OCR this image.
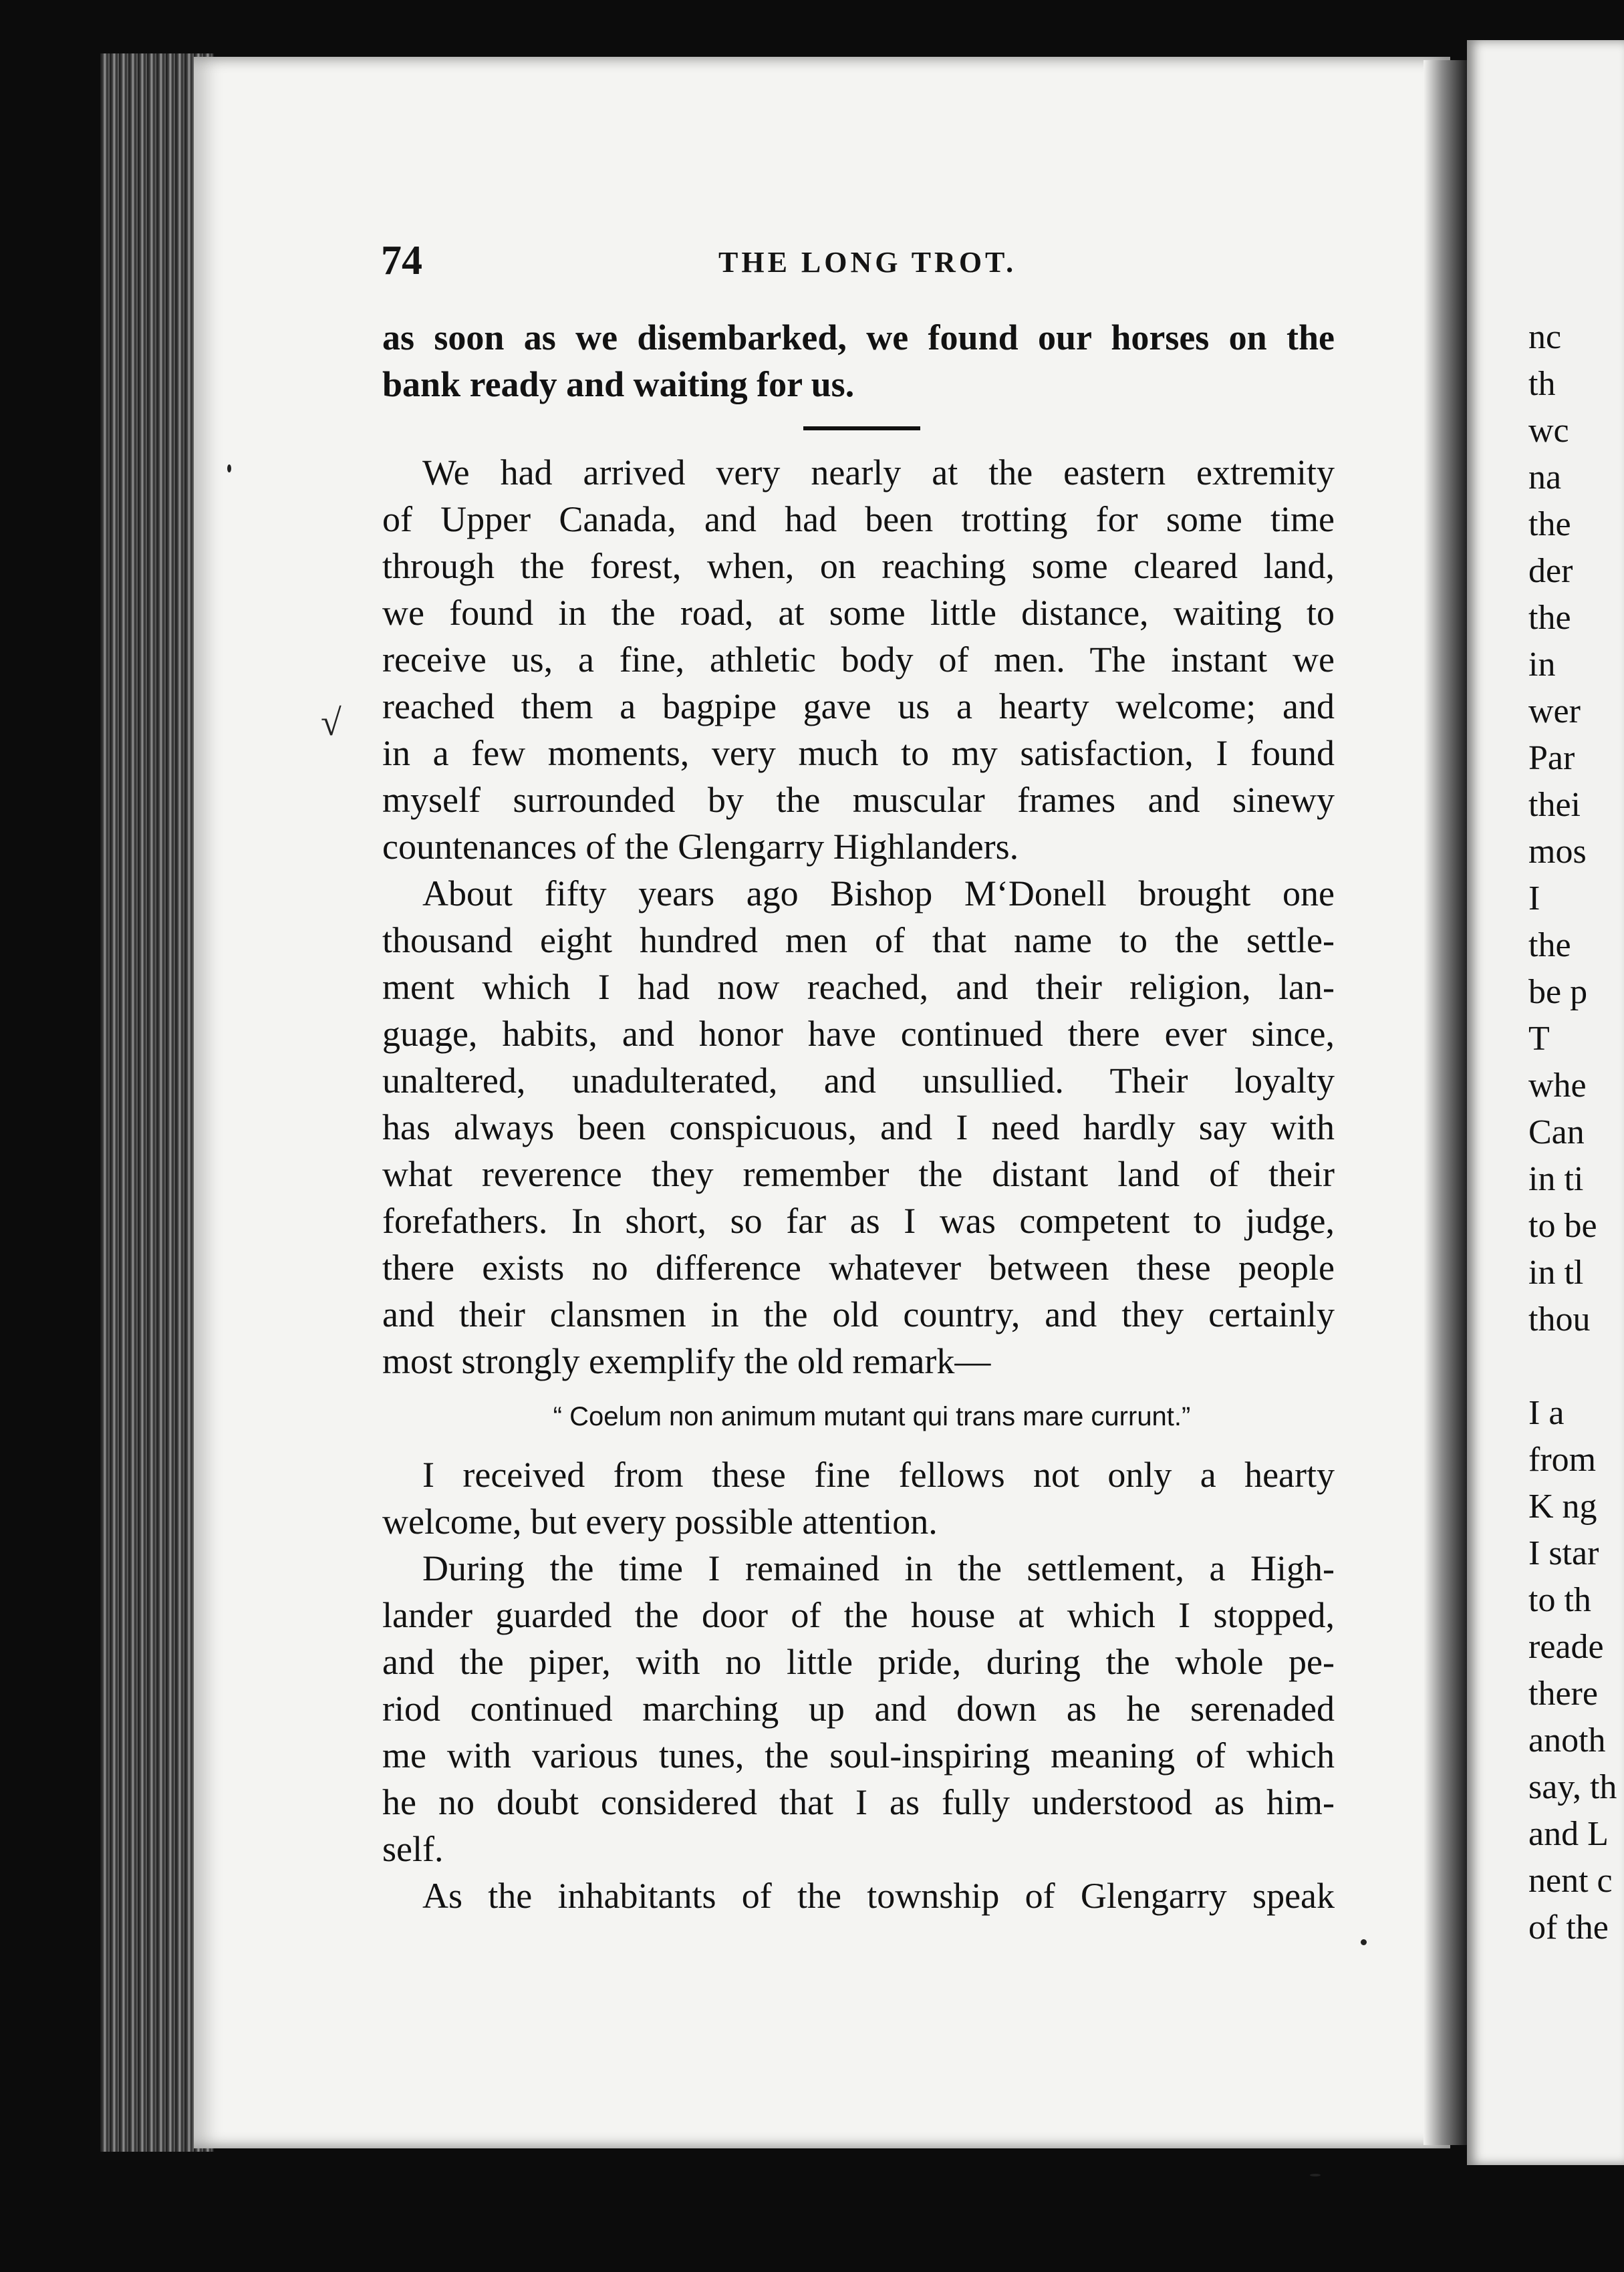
74	THE LONG TROT.
√
as soon as we disembarked, we found our horses on the
bank ready and waiting for us.
We had arrived very nearly at the eastern extremity
of Upper Canada, and had been trotting for some time
through the forest, when, on reaching some cleared land,
we found in the road, at some little distance, waiting to
receive us, a fine, athletic body of men. The instant we
reached them a bagpipe gave us a hearty welcome; and
in a few moments, very much to my satisfaction, I found
myself surrounded by the muscular frames and sinewy
countenances of the Glengarry Highlanders.
About fifty years ago Bishop M‘Donell brought one
thousand eight hundred men of that name to the settle-
ment which I had now reached, and their religion, lan-
guage, habits, and honor have continued there ever since,
unaltered, unadulterated, and unsullied. Their loyalty
has always been conspicuous, and I need hardly say with
what reverence they remember the distant land of their
forefathers. In short, so far as I was competent to judge,
there exists no difference whatever between these people
and their clansmen in the old country, and they certainly
most strongly exemplify the old remark—
“ Coelum non animum mutant qui trans mare currunt.”
I received from these fine fellows not only a hearty
welcome, but every possible attention.
During the time I remained in the settlement, a High-
lander guarded the door of the house at which I stopped,
and the piper, with no little pride, during the whole pe-
riod continued marching up and down as he serenaded
me with various tunes, the soul-inspiring meaning of which
he no doubt considered that I as fully understood as him-
self.
As the inhabitants of the township of Glengarry speak
nc
th
wc
na
the
der
the
in
wer
Par
thei
mos
I
the
be p
T
whe
Can
in ti
to be
in tl
thou
I a
from
K ng
I star
to th
reade
there
anoth
say, th
and L
nent c
of the
